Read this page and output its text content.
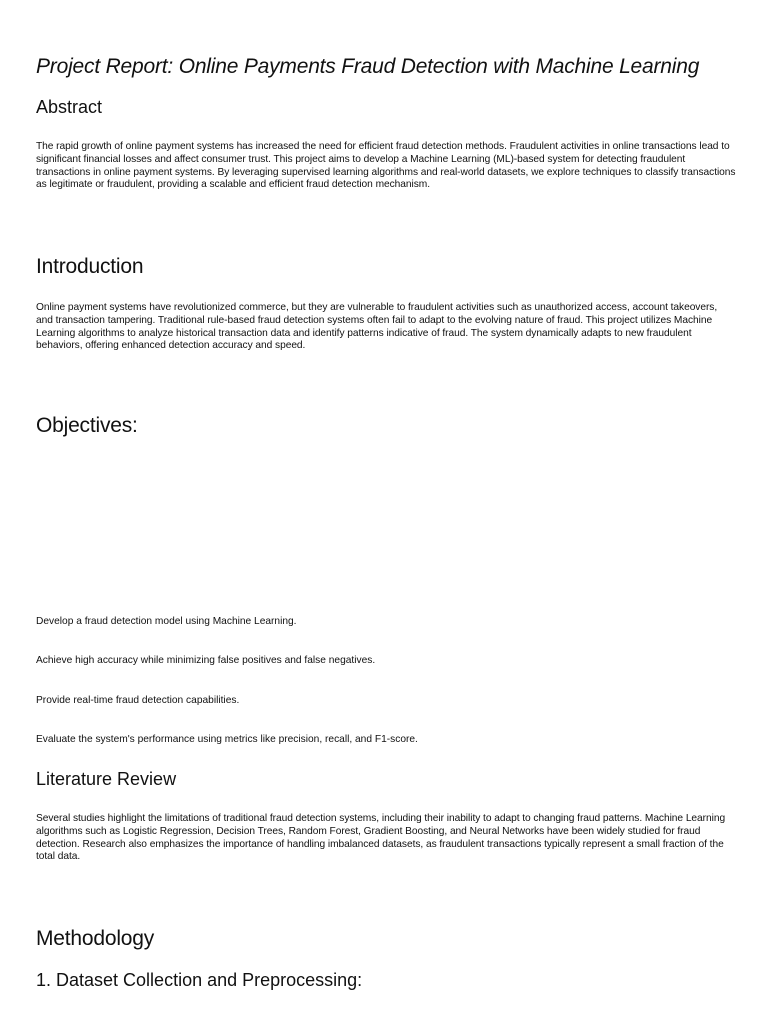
Project Report: Online Payments Fraud Detection with Machine Learning
Abstract

The rapid growth of online payment systems has increased the need for efficient fraud detection methods. Fraudulent activities in online transactions lead to significant financial losses and affect consumer trust. This project aims to develop a Machine Learning (ML)-based system for detecting fraudulent transactions in online payment systems. By leveraging supervised learning algorithms and real-world datasets, we explore techniques to classify transactions as legitimate or fraudulent, providing a scalable and efficient fraud detection mechanism.

Introduction

Online payment systems have revolutionized commerce, but they are vulnerable to fraudulent activities such as unauthorized access, account takeovers, and transaction tampering. Traditional rule-based fraud detection systems often fail to adapt to the evolving nature of fraud. This project utilizes Machine Learning algorithms to analyze historical transaction data and identify patterns indicative of fraud. The system dynamically adapts to new fraudulent behaviors, offering enhanced detection accuracy and speed.

Objectives:
Develop a fraud detection model using Machine Learning.
Achieve high accuracy while minimizing false positives and false negatives.
Provide real-time fraud detection capabilities.
Evaluate the system's performance using metrics like precision, recall, and F1-score.
Literature Review

Several studies highlight the limitations of traditional fraud detection systems, including their inability to adapt to changing fraud patterns. Machine Learning algorithms such as Logistic Regression, Decision Trees, Random Forest, Gradient Boosting, and Neural Networks have been widely studied for fraud detection. Research also emphasizes the importance of handling imbalanced datasets, as fraudulent transactions typically represent a small fraction of the total data.

Methodology
1. Dataset Collection and Preprocessing:
